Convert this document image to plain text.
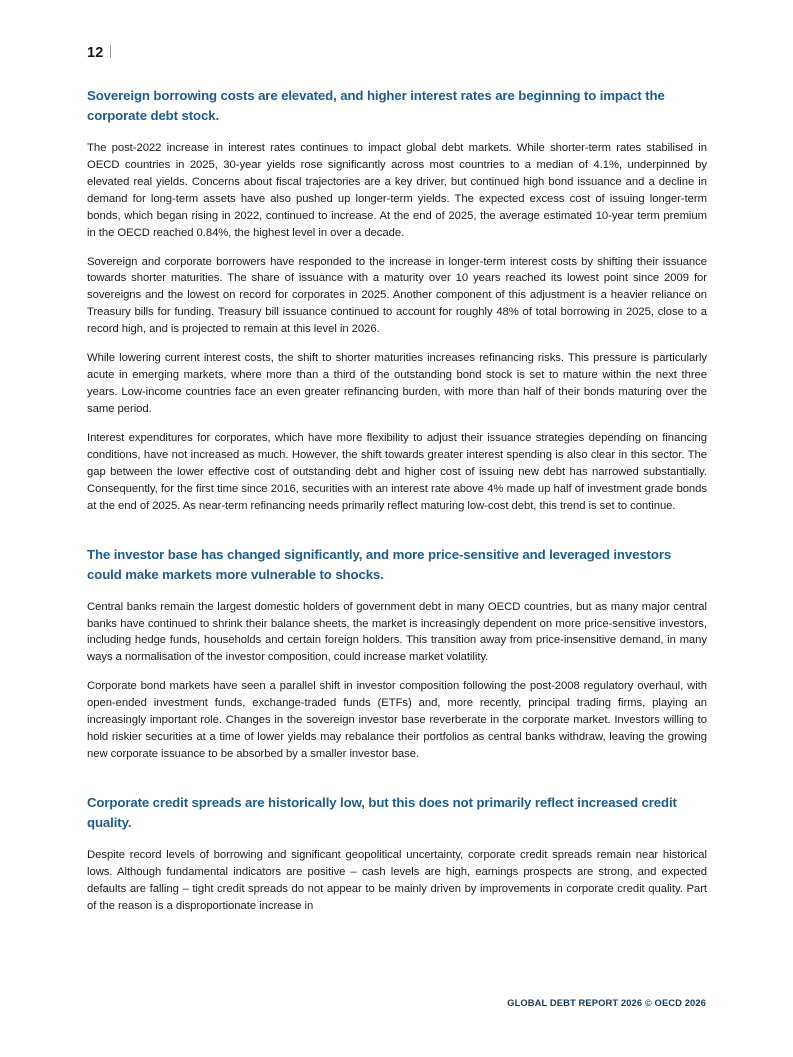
12
Sovereign borrowing costs are elevated, and higher interest rates are beginning to impact the corporate debt stock.

The post-2022 increase in interest rates continues to impact global debt markets. While shorter-term rates stabilised in OECD countries in 2025, 30-year yields rose significantly across most countries to a median of 4.1%, underpinned by elevated real yields. Concerns about fiscal trajectories are a key driver, but continued high bond issuance and a decline in demand for long-term assets have also pushed up longer-term yields. The expected excess cost of issuing longer-term bonds, which began rising in 2022, continued to increase. At the end of 2025, the average estimated 10-year term premium in the OECD reached 0.84%, the highest level in over a decade.

Sovereign and corporate borrowers have responded to the increase in longer-term interest costs by shifting their issuance towards shorter maturities. The share of issuance with a maturity over 10 years reached its lowest point since 2009 for sovereigns and the lowest on record for corporates in 2025. Another component of this adjustment is a heavier reliance on Treasury bills for funding. Treasury bill issuance continued to account for roughly 48% of total borrowing in 2025, close to a record high, and is projected to remain at this level in 2026.

While lowering current interest costs, the shift to shorter maturities increases refinancing risks. This pressure is particularly acute in emerging markets, where more than a third of the outstanding bond stock is set to mature within the next three years. Low-income countries face an even greater refinancing burden, with more than half of their bonds maturing over the same period.

Interest expenditures for corporates, which have more flexibility to adjust their issuance strategies depending on financing conditions, have not increased as much. However, the shift towards greater interest spending is also clear in this sector. The gap between the lower effective cost of outstanding debt and higher cost of issuing new debt has narrowed substantially. Consequently, for the first time since 2016, securities with an interest rate above 4% made up half of investment grade bonds at the end of 2025. As near-term refinancing needs primarily reflect maturing low-cost debt, this trend is set to continue.

The investor base has changed significantly, and more price-sensitive and leveraged investors could make markets more vulnerable to shocks.

Central banks remain the largest domestic holders of government debt in many OECD countries, but as many major central banks have continued to shrink their balance sheets, the market is increasingly dependent on more price-sensitive investors, including hedge funds, households and certain foreign holders. This transition away from price-insensitive demand, in many ways a normalisation of the investor composition, could increase market volatility.

Corporate bond markets have seen a parallel shift in investor composition following the post-2008 regulatory overhaul, with open-ended investment funds, exchange-traded funds (ETFs) and, more recently, principal trading firms, playing an increasingly important role. Changes in the sovereign investor base reverberate in the corporate market. Investors willing to hold riskier securities at a time of lower yields may rebalance their portfolios as central banks withdraw, leaving the growing new corporate issuance to be absorbed by a smaller investor base.

Corporate credit spreads are historically low, but this does not primarily reflect increased credit quality.

Despite record levels of borrowing and significant geopolitical uncertainty, corporate credit spreads remain near historical lows. Although fundamental indicators are positive – cash levels are high, earnings prospects are strong, and expected defaults are falling – tight credit spreads do not appear to be mainly driven by improvements in corporate credit quality. Part of the reason is a disproportionate increase in

GLOBAL DEBT REPORT 2026 © OECD 2026
